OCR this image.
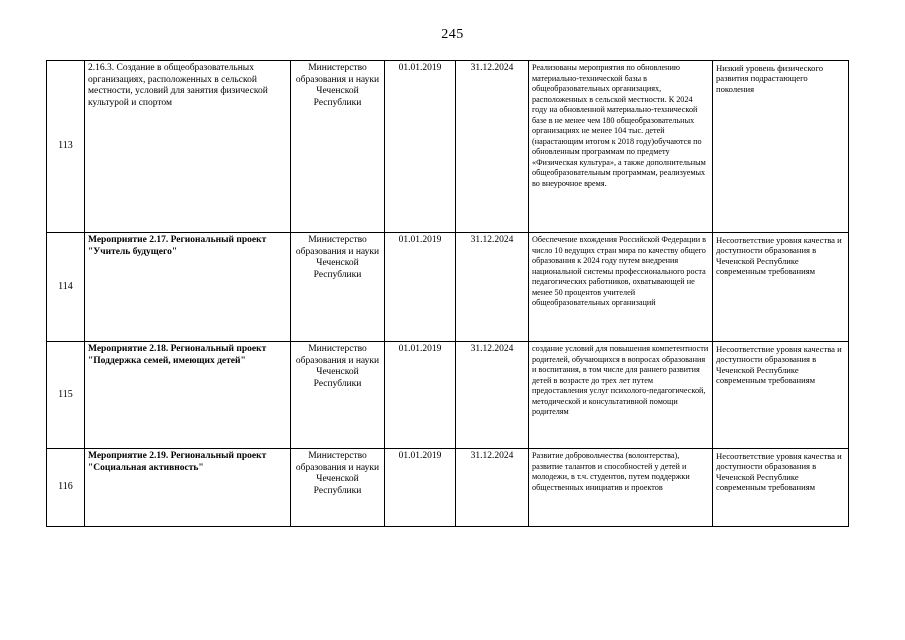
245
113	2.16.3. Создание в общеобразовательных организациях, расположенных в сельской местности, условий для занятия физической культурой и спортом	Министерство образования и науки Чеченской Республики	01.01.2019	31.12.2024	Реализованы мероприятия по обновлению материально-технической базы в общеобразовательных организациях, расположенных в сельской местности. К 2024 году на обновленной материально-технической базе в не менее чем 180 общеобразовательных организациях не менее 104 тыс. детей (нарастающим итогом к 2018 году)обучаются по обновленным программам по предмету «Физическая культура», а также дополнительным общеобразовательным программам, реализуемых во внеурочное время.	Низкий уровень физического развития подрастающего поколения
114	Мероприятие 2.17. Региональный проект "Учитель будущего"	Министерство образования и науки Чеченской Республики	01.01.2019	31.12.2024	Обеспечение вхождения Российской Федерации в число 10 ведущих стран мира по качеству общего образования к 2024 году путем внедрения национальной системы профессионального роста педагогических работников, охватывающей не менее 50 процентов учителей общеобразовательных организаций	Несоответствие уровня качества и доступности образования в Чеченской Республике современным требованиям
115	Мероприятие 2.18. Региональный проект "Поддержка семей, имеющих детей"	Министерство образования и науки Чеченской Республики	01.01.2019	31.12.2024	создание условий для повышения компетентности родителей, обучающихся в вопросах образования и воспитания, в том числе для раннего развития детей в возрасте до трех лет путем предоставления услуг психолого-педагогической, методической и консультативной помощи родителям	Несоответствие уровня качества и доступности образования в Чеченской Республике современным требованиям
116	Мероприятие 2.19. Региональный проект "Социальная активность"	Министерство образования и науки Чеченской Республики	01.01.2019	31.12.2024	Развитие добровольчества (волонтерства), развитие талантов и способностей у детей и молодежи, в т.ч. студентов, путем поддержки общественных инициатив и проектов	Несоответствие уровня качества и доступности образования в Чеченской Республике современным требованиям
